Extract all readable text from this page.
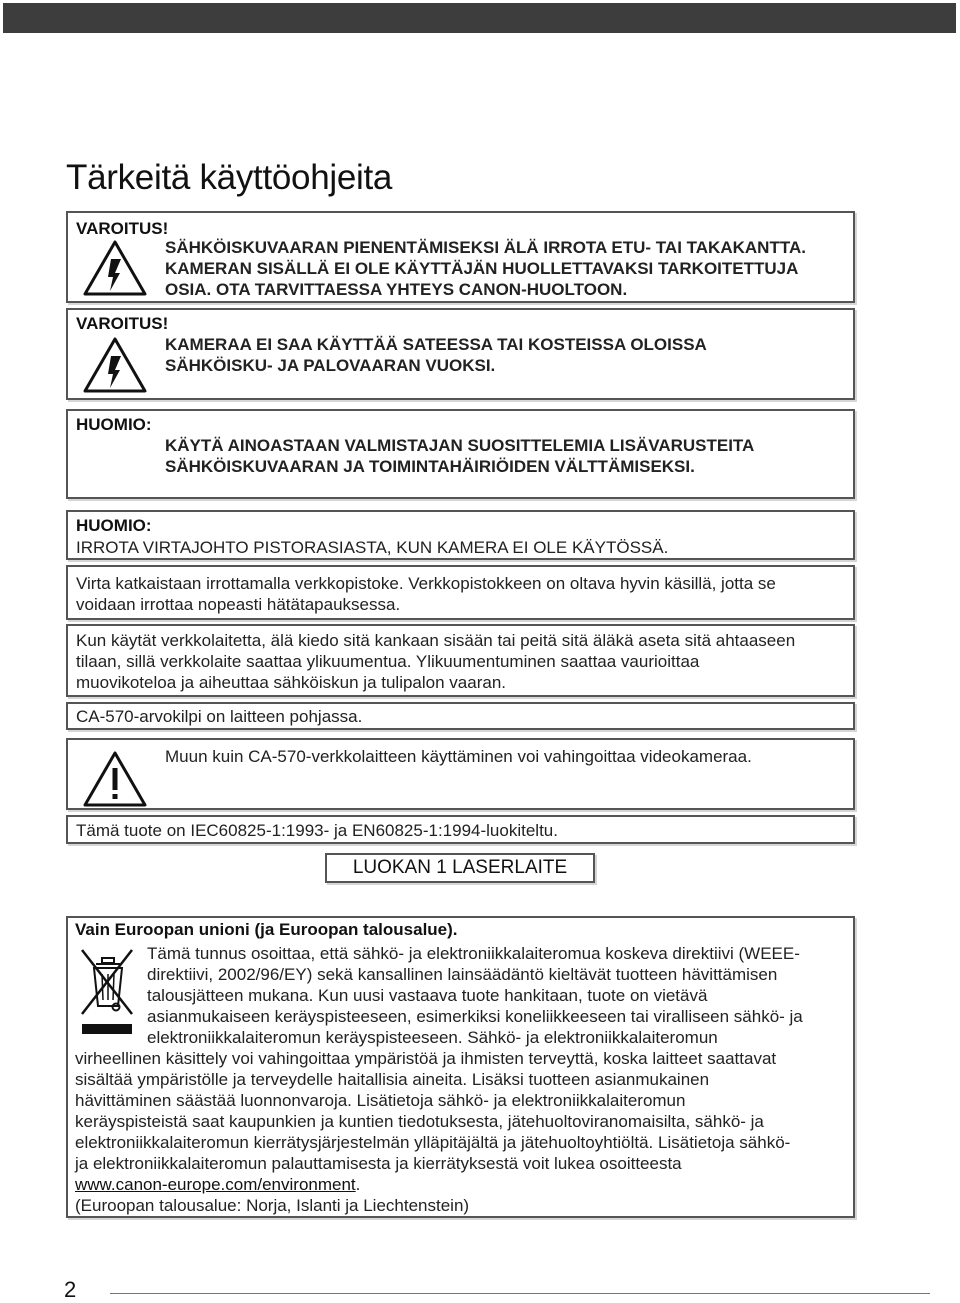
Tärkeitä käyttöohjeita
VAROITUS!
SÄHKÖISKUVAARAN PIENENTÄMISEKSI ÄLÄ IRROTA ETU- TAI TAKAKANTTA.
KAMERAN SISÄLLÄ EI OLE KÄYTTÄJÄN HUOLLETTAVAKSI TARKOITETTUJA
OSIA. OTA TARVITTAESSA YHTEYS CANON-HUOLTOON.
VAROITUS!
KAMERAA EI SAA KÄYTTÄÄ SATEESSA TAI KOSTEISSA OLOISSA
SÄHKÖISKU- JA PALOVAARAN VUOKSI.
HUOMIO:
KÄYTÄ AINOASTAAN VALMISTAJAN SUOSITTELEMIA LISÄVARUSTEITA
SÄHKÖISKUVAARAN JA TOIMINTAHÄIRIÖIDEN VÄLTTÄMISEKSI.
HUOMIO:
IRROTA VIRTAJOHTO PISTORASIASTA, KUN KAMERA EI OLE KÄYTÖSSÄ.
Virta katkaistaan irrottamalla verkkopistoke. Verkkopistokkeen on oltava hyvin käsillä, jotta se
voidaan irrottaa nopeasti hätätapauksessa.
Kun käytät verkkolaitetta, älä kiedo sitä kankaan sisään tai peitä sitä äläkä aseta sitä ahtaaseen
tilaan, sillä verkkolaite saattaa ylikuumentua. Ylikuumentuminen saattaa vaurioittaa
muovikoteloa ja aiheuttaa sähköiskun ja tulipalon vaaran.
CA-570-arvokilpi on laitteen pohjassa.
Muun kuin CA-570-verkkolaitteen käyttäminen voi vahingoittaa videokameraa.
Tämä tuote on IEC60825-1:1993- ja EN60825-1:1994-luokiteltu.
LUOKAN 1 LASERLAITE
Vain Euroopan unioni (ja Euroopan talousalue).
Tämä tunnus osoittaa, että sähkö- ja elektroniikkalaiteromua koskeva direktiivi (WEEE-
direktiivi, 2002/96/EY) sekä kansallinen lainsäädäntö kieltävät tuotteen hävittämisen
talousjätteen mukana. Kun uusi vastaava tuote hankitaan, tuote on vietävä
asianmukaiseen keräyspisteeseen, esimerkiksi koneliikkeeseen tai viralliseen sähkö- ja
elektroniikkalaiteromun keräyspisteeseen. Sähkö- ja elektroniikkalaiteromun
virheellinen käsittely voi vahingoittaa ympäristöä ja ihmisten terveyttä, koska laitteet saattavat
sisältää ympäristölle ja terveydelle haitallisia aineita. Lisäksi tuotteen asianmukainen
hävittäminen säästää luonnonvaroja. Lisätietoja sähkö- ja elektroniikkalaiteromun
keräyspisteistä saat kaupunkien ja kuntien tiedotuksesta, jätehuoltoviranomaisilta, sähkö- ja
elektroniikkalaiteromun kierrätysjärjestelmän ylläpitäjältä ja jätehuoltoyhtiöltä. Lisätietoja sähkö-
ja elektroniikkalaiteromun palauttamisesta ja kierrätyksestä voit lukea osoitteesta
www.canon-europe.com/environment.
(Euroopan talousalue: Norja, Islanti ja Liechtenstein)
2
